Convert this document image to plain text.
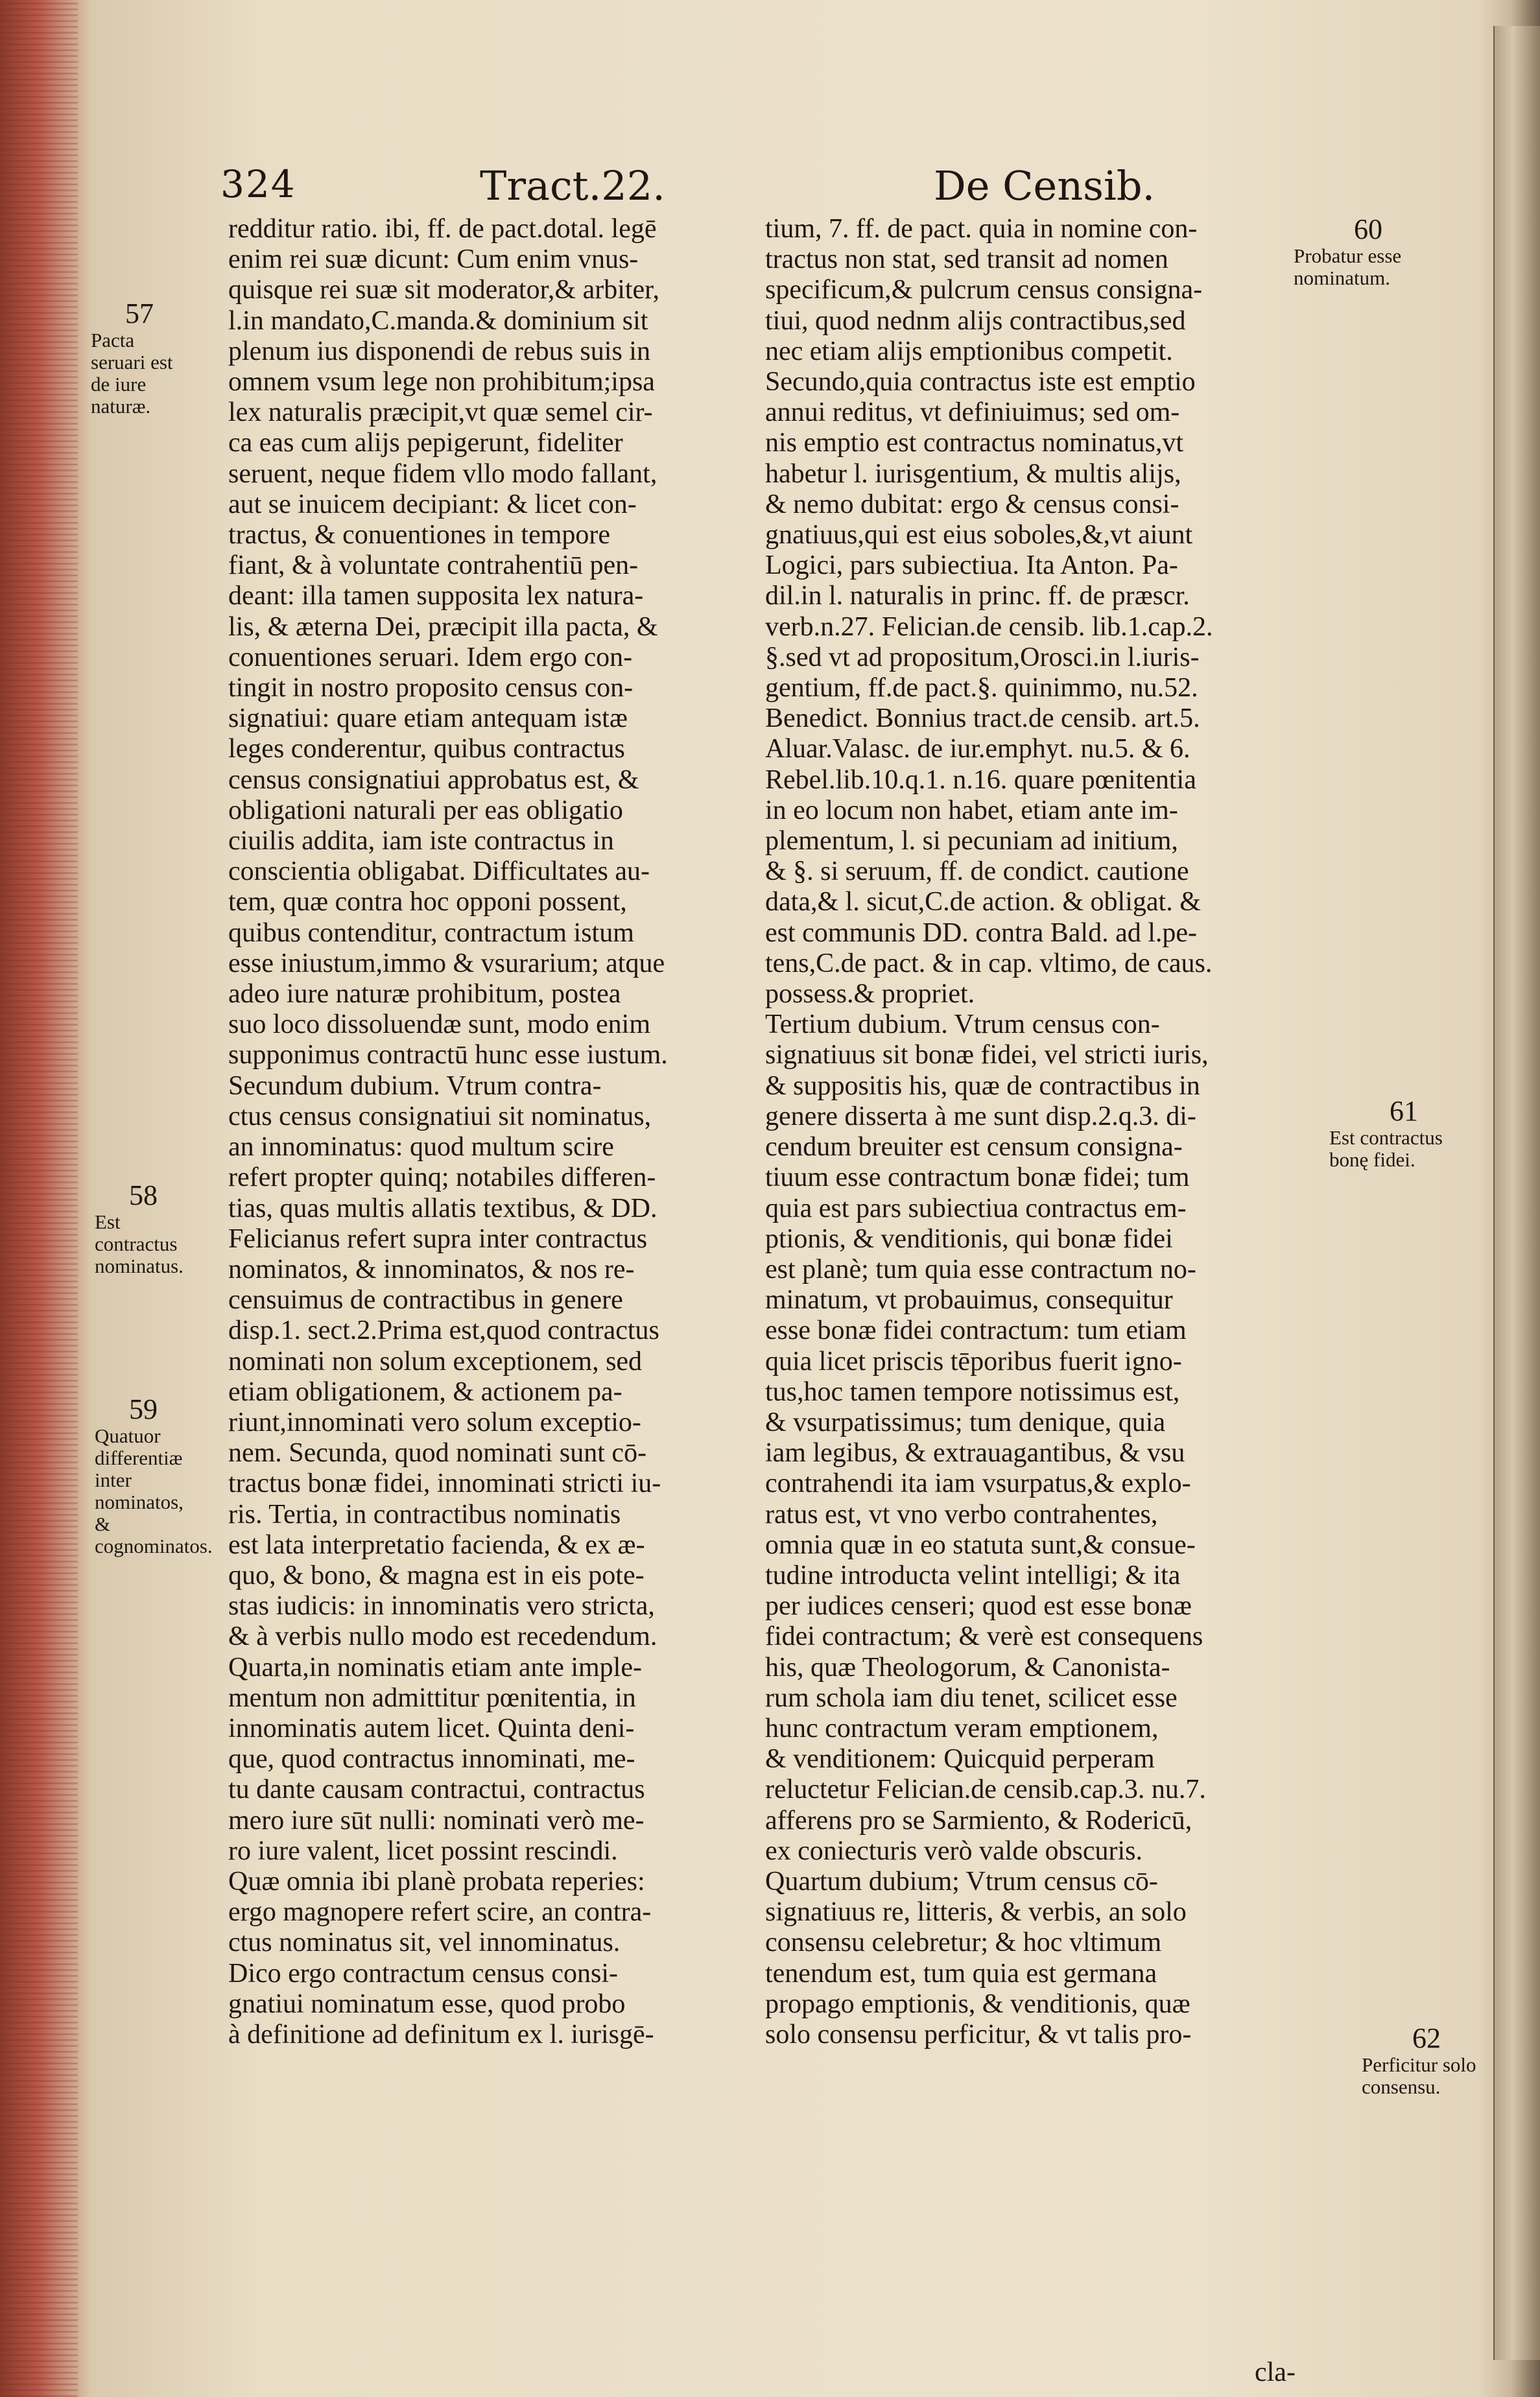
324	Tract.22.	De Censib.
57
Pacta seruari est de iure naturæ.
58
Est contractus nominatus.
59
Quatuor differentiæ inter nominatos, & cognominatos.
60
Probatur esse nominatum.
61
Est contractus bonę fidei.
62
Perficitur solo consensu.
redditur ratio. ibi, ff. de pact.dotal. legē
enim rei suæ dicunt: Cum enim vnus-
quisque rei suæ sit moderator,& arbiter,
l.in mandato,C.manda.& dominium sit
plenum ius disponendi de rebus suis in
omnem vsum lege non prohibitum;ipsa
lex naturalis præcipit,vt quæ semel cir-
ca eas cum alijs pepigerunt, fideliter
seruent, neque fidem vllo modo fallant,
aut se inuicem decipiant: & licet con-
tractus, & conuentiones in tempore
fiant, & à voluntate contrahentiū pen-
deant: illa tamen supposita lex natura-
lis, & æterna Dei, præcipit illa pacta, &
conuentiones seruari. Idem ergo con-
tingit in nostro proposito census con-
signatiui: quare etiam antequam istæ
leges conderentur, quibus contractus
census consignatiui approbatus est, &
obligationi naturali per eas obligatio
ciuilis addita, iam iste contractus in
conscientia obligabat. Difficultates au-
tem, quæ contra hoc opponi possent,
quibus contenditur, contractum istum
esse iniustum,immo & vsurarium; atque
adeo iure naturæ prohibitum, postea
suo loco dissoluendæ sunt, modo enim
supponimus contractū hunc esse iustum.
Secundum dubium. Vtrum contra-
ctus census consignatiui sit nominatus,
an innominatus: quod multum scire
refert propter quinq; notabiles differen-
tias, quas multis allatis textibus, & DD.
Felicianus refert supra inter contractus
nominatos, & innominatos, & nos re-
censuimus de contractibus in genere
disp.1. sect.2.Prima est,quod contractus
nominati non solum exceptionem, sed
etiam obligationem, & actionem pa-
riunt,innominati vero solum exceptio-
nem. Secunda, quod nominati sunt cō-
tractus bonæ fidei, innominati stricti iu-
ris. Tertia, in contractibus nominatis
est lata interpretatio facienda, & ex æ-
quo, & bono, & magna est in eis pote-
stas iudicis: in innominatis vero stricta,
& à verbis nullo modo est recedendum.
Quarta,in nominatis etiam ante imple-
mentum non admittitur pœnitentia, in
innominatis autem licet. Quinta deni-
que, quod contractus innominati, me-
tu dante causam contractui, contractus
mero iure sūt nulli: nominati verò me-
ro iure valent, licet possint rescindi.
Quæ omnia ibi planè probata reperies:
ergo magnopere refert scire, an contra-
ctus nominatus sit, vel innominatus.
Dico ergo contractum census consi-
gnatiui nominatum esse, quod probo
à definitione ad definitum ex l. iurisgē-
tium, 7. ff. de pact. quia in nomine con-
tractus non stat, sed transit ad nomen
specificum,& pulcrum census consigna-
tiui, quod nednm alijs contractibus,sed
nec etiam alijs emptionibus competit.
Secundo,quia contractus iste est emptio
annui reditus, vt definiuimus; sed om-
nis emptio est contractus nominatus,vt
habetur l. iurisgentium, & multis alijs,
& nemo dubitat: ergo & census consi-
gnatiuus,qui est eius soboles,&,vt aiunt
Logici, pars subiectiua. Ita Anton. Pa-
dil.in l. naturalis in princ. ff. de præscr.
verb.n.27. Felician.de censib. lib.1.cap.2.
§.sed vt ad propositum,Orosci.in l.iuris-
gentium, ff.de pact.§. quinimmo, nu.52.
Benedict. Bonnius tract.de censib. art.5.
Aluar.Valasc. de iur.emphyt. nu.5. & 6.
Rebel.lib.10.q.1. n.16. quare pœnitentia
in eo locum non habet, etiam ante im-
plementum, l. si pecuniam ad initium,
& §. si seruum, ff. de condict. cautione
data,& l. sicut,C.de action. & obligat. &
est communis DD. contra Bald. ad l.pe-
tens,C.de pact. & in cap. vltimo, de caus.
possess.& propriet.
Tertium dubium. Vtrum census con-
signatiuus sit bonæ fidei, vel stricti iuris,
& suppositis his, quæ de contractibus in
genere disserta à me sunt disp.2.q.3. di-
cendum breuiter est censum consigna-
tiuum esse contractum bonæ fidei; tum
quia est pars subiectiua contractus em-
ptionis, & venditionis, qui bonæ fidei
est planè; tum quia esse contractum no-
minatum, vt probauimus, consequitur
esse bonæ fidei contractum: tum etiam
quia licet priscis tēporibus fuerit igno-
tus,hoc tamen tempore notissimus est,
& vsurpatissimus; tum denique, quia
iam legibus, & extrauagantibus, & vsu
contrahendi ita iam vsurpatus,& explo-
ratus est, vt vno verbo contrahentes,
omnia quæ in eo statuta sunt,& consue-
tudine introducta velint intelligi; & ita
per iudices censeri; quod est esse bonæ
fidei contractum; & verè est consequens
his, quæ Theologorum, & Canonista-
rum schola iam diu tenet, scilicet esse
hunc contractum veram emptionem,
& venditionem: Quicquid perperam
reluctetur Felician.de censib.cap.3. nu.7.
afferens pro se Sarmiento, & Rodericū,
ex coniecturis verò valde obscuris.
Quartum dubium; Vtrum census cō-
signatiuus re, litteris, & verbis, an solo
consensu celebretur; & hoc vltimum
tenendum est, tum quia est germana
propago emptionis, & venditionis, quæ
solo consensu perficitur, & vt talis pro-
cla-
